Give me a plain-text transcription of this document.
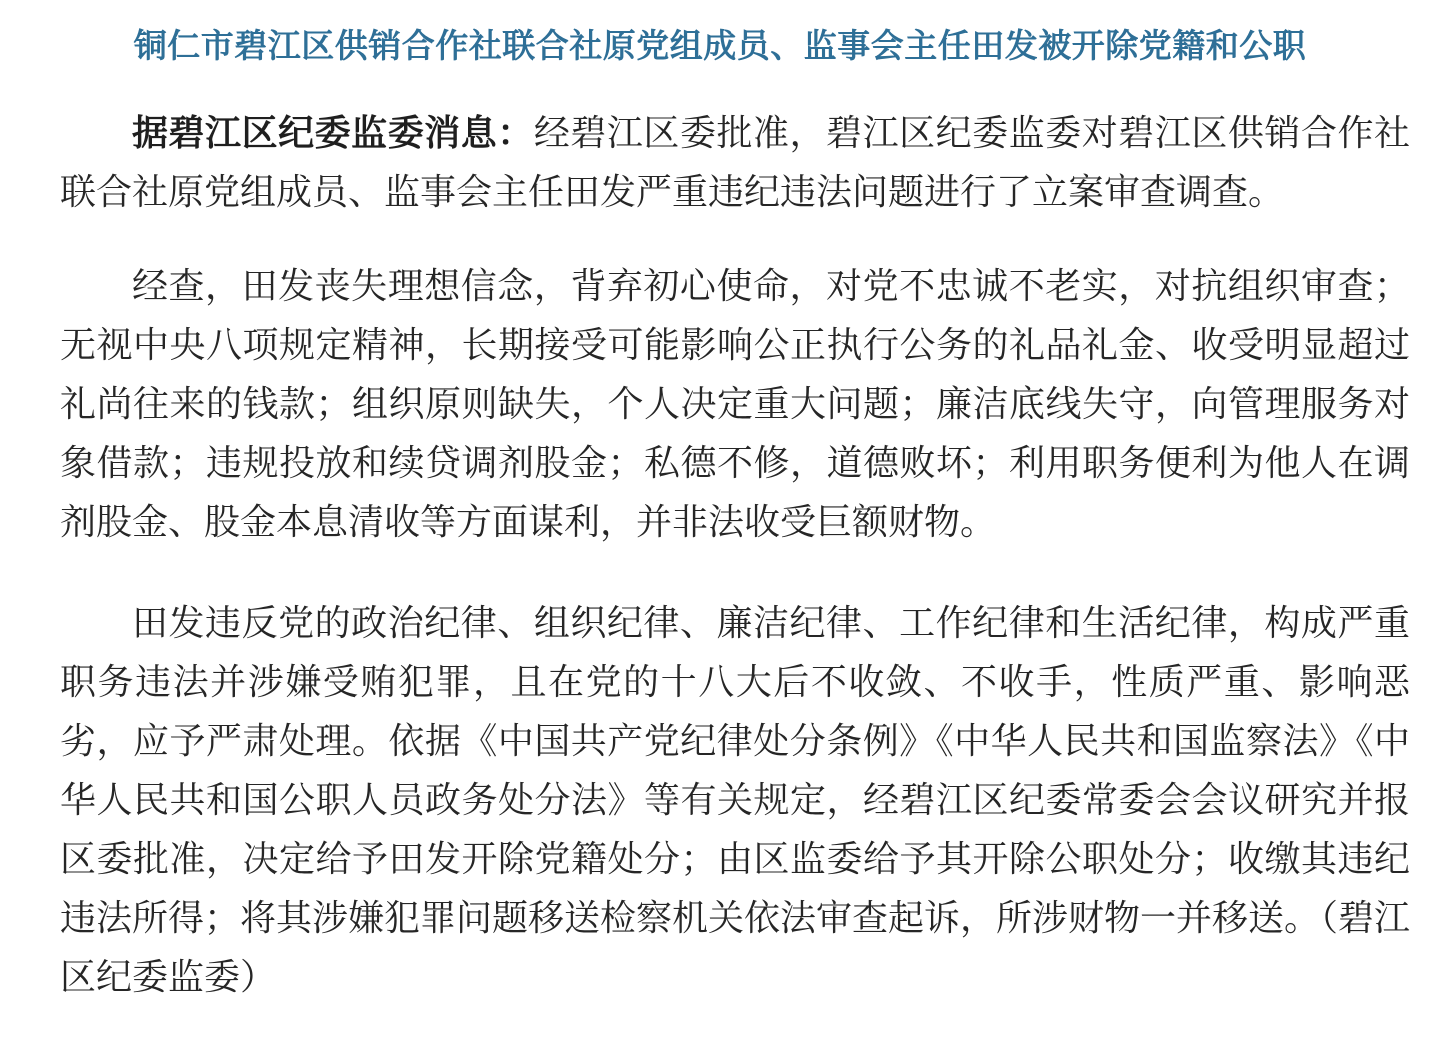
铜仁市碧江区供销合作社联合社原党组成员、监事会主任田发被开除党籍和公职

据碧江区纪委监委消息：经碧江区委批准，碧江区纪委监委对碧江区供销合作社联合社原党组成员、监事会主任田发严重违纪违法问题进行了立案审查调查。

经查，田发丧失理想信念，背弃初心使命，对党不忠诚不老实，对抗组织审查；无视中央八项规定精神，长期接受可能影响公正执行公务的礼品礼金、收受明显超过礼尚往来的钱款；组织原则缺失，个人决定重大问题；廉洁底线失守，向管理服务对象借款；违规投放和续贷调剂股金；私德不修，道德败坏；利用职务便利为他人在调剂股金、股金本息清收等方面谋利，并非法收受巨额财物。

田发违反党的政治纪律、组织纪律、廉洁纪律、工作纪律和生活纪律，构成严重职务违法并涉嫌受贿犯罪，且在党的十八大后不收敛、不收手，性质严重、影响恶劣，应予严肃处理。依据《中国共产党纪律处分条例》《中华人民共和国监察法》《中华人民共和国公职人员政务处分法》等有关规定，经碧江区纪委常委会会议研究并报区委批准，决定给予田发开除党籍处分；由区监委给予其开除公职处分；收缴其违纪违法所得；将其涉嫌犯罪问题移送检察机关依法审查起诉，所涉财物一并移送。（碧江区纪委监委）
